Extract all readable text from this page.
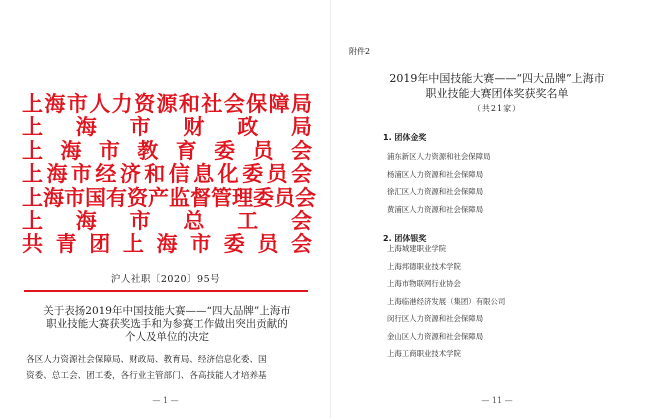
上海市人力资源和社会保障局
上 海 市 财 政 局
上 海 市 教 育 委 员 会
上海市经济和信息化委员会
上海市国有资产监督管理委员会
上 海 市 总 工 会
共青团上海市委员会
沪人社职〔2020〕95号
关于表扬2019年中国技能大赛——“四大品牌”上海市
职业技能大赛获奖选手和为参赛工作做出突出贡献的
个人及单位的决定
各区人力资源社会保障局、财政局、教育局、经济信息化委、国
资委、总工会、团工委，各行业主管部门、各高技能人才培养基
— 1 —
附件2
2019年中国技能大赛——“四大品牌”上海市
职业技能大赛团体奖获奖名单
（共21家）
1. 团体金奖
浦东新区人力资源和社会保障局
杨浦区人力资源和社会保障局
徐汇区人力资源和社会保障局
黄浦区人力资源和社会保障局
2. 团体银奖
上海城建职业学院
上海邦德职业技术学院
上海市物联网行业协会
上海临港经济发展（集团）有限公司
闵行区人力资源和社会保障局
金山区人力资源和社会保障局
上海工商职业技术学院
— 11 —
